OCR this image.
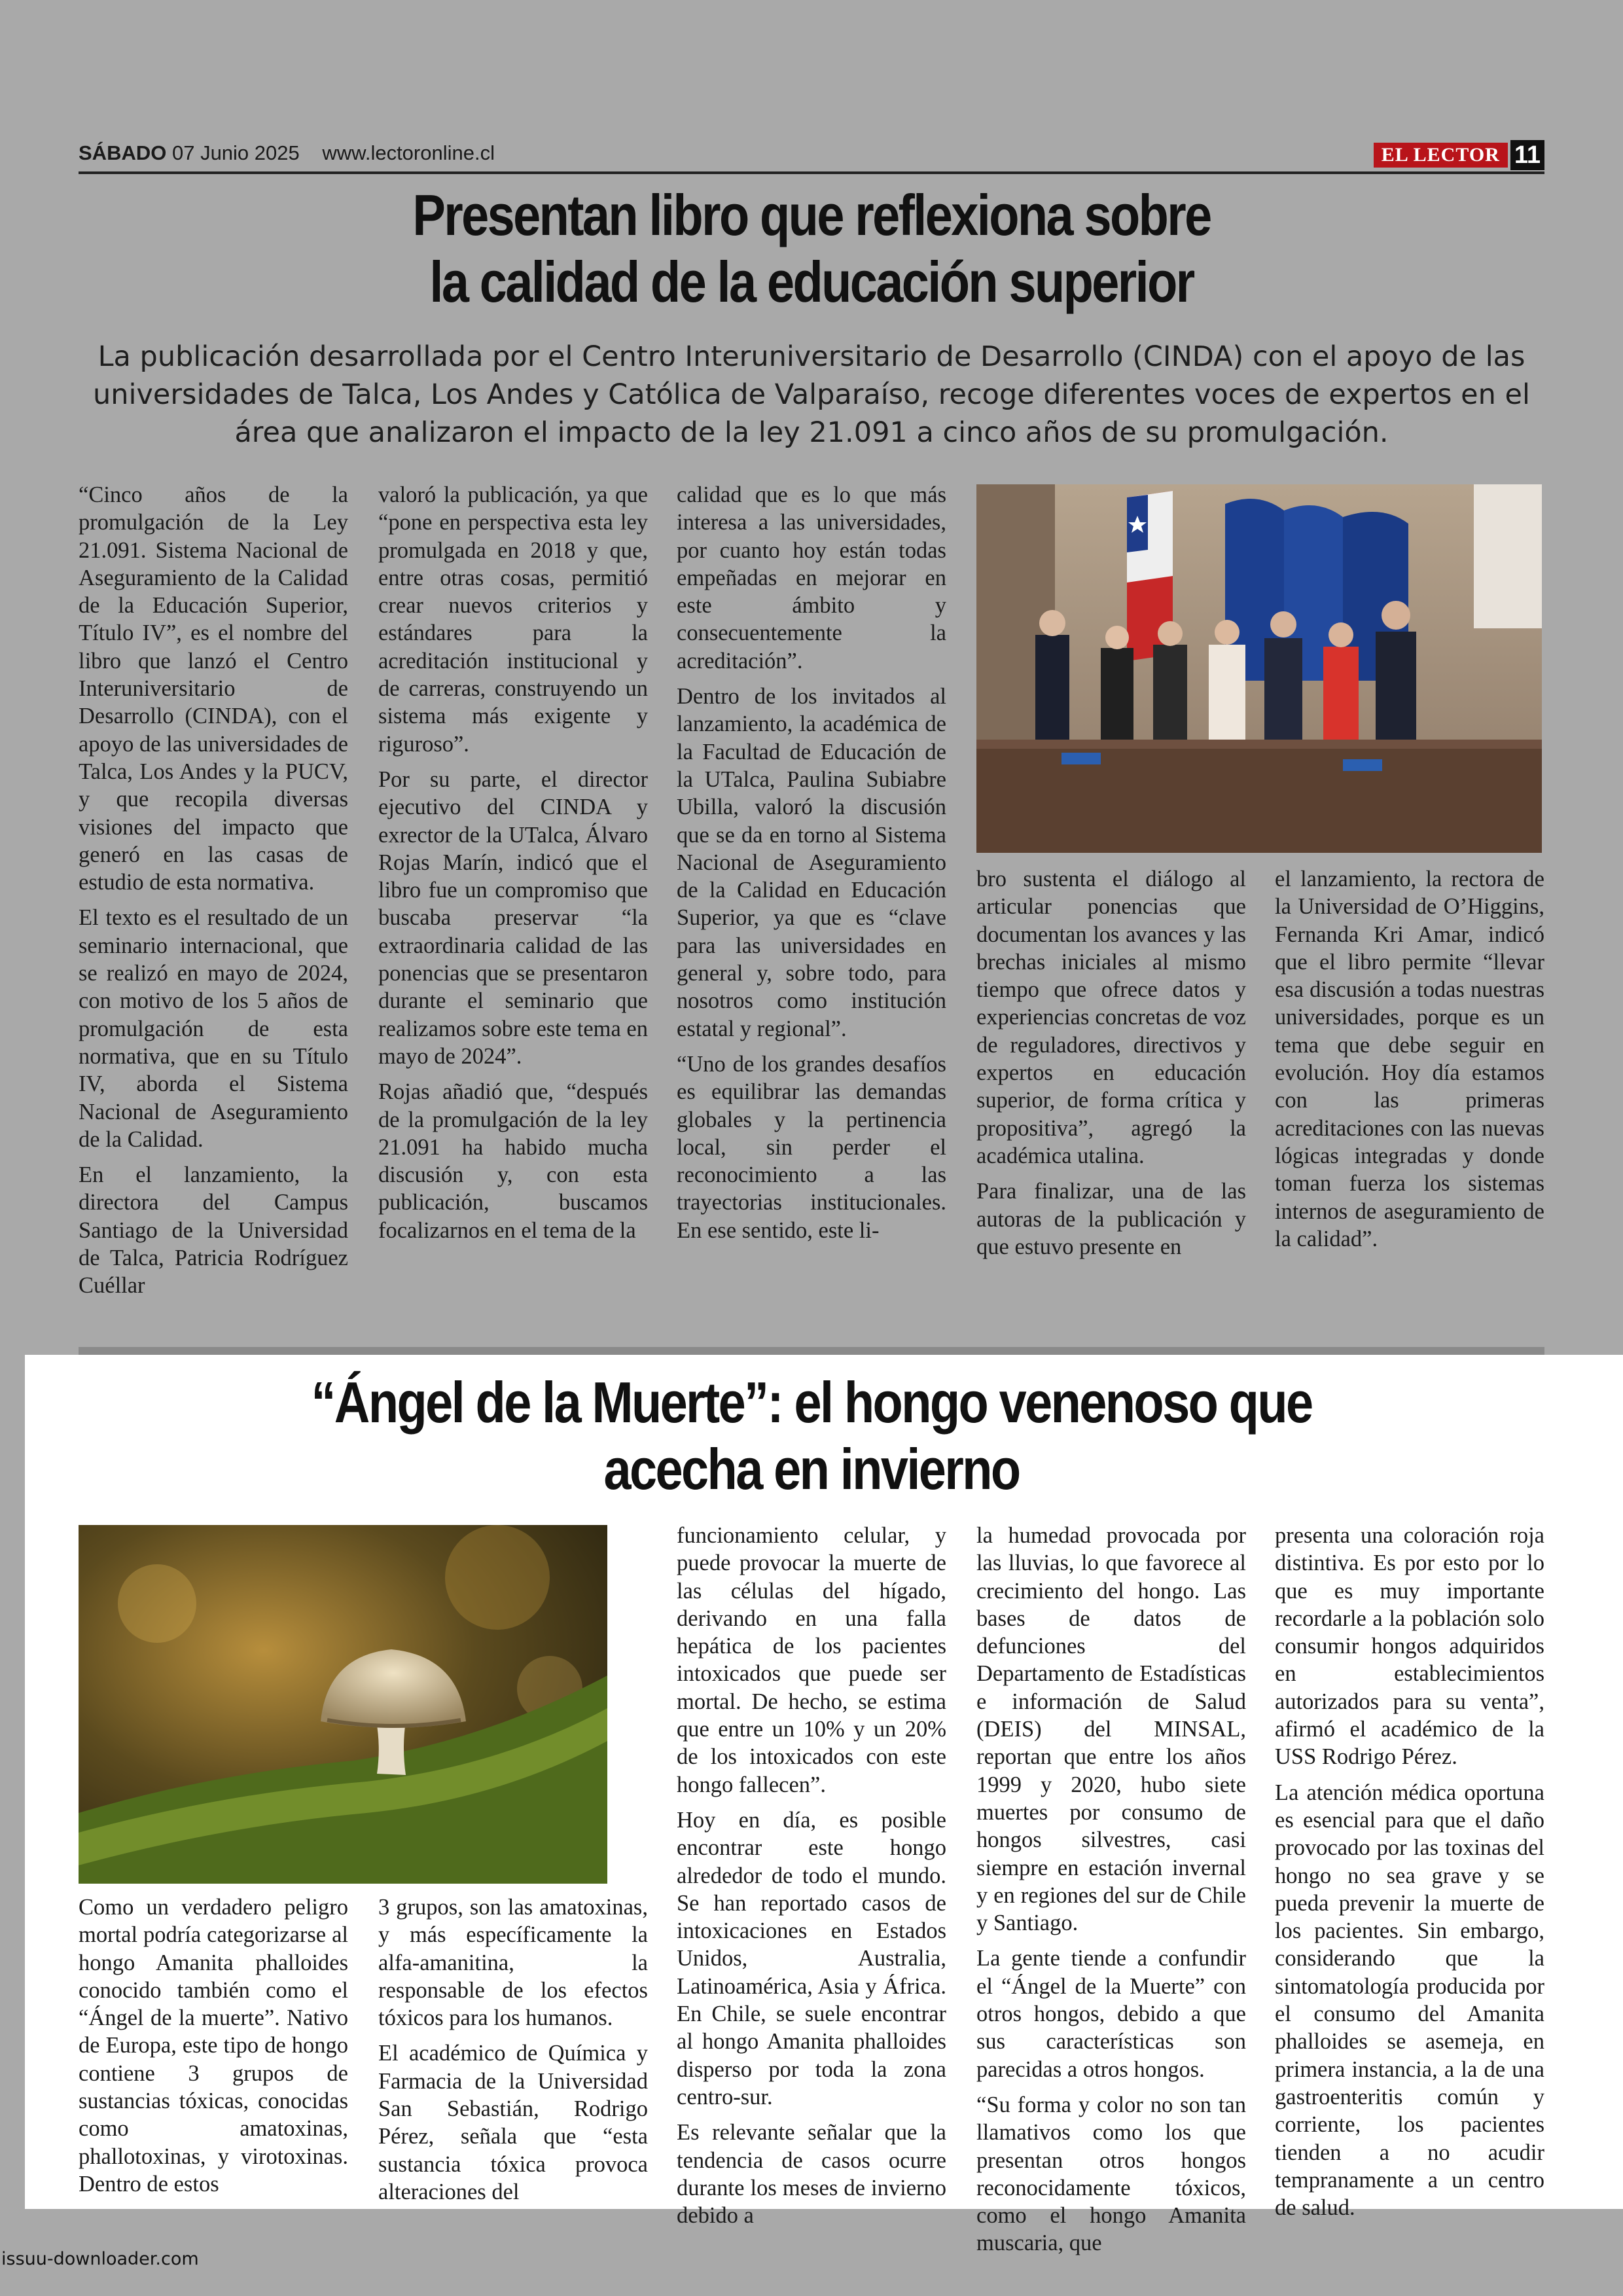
SÁBADO 07 Junio 2025 www.lectoronline.cl	EL LECTOR 11
Presentan libro que reflexiona sobre
la calidad de la educación superior
La publicación desarrollada por el Centro Interuniversitario de Desarrollo (CINDA) con el apoyo de las
universidades de Talca, Los Andes y Católica de Valparaíso, recoge diferentes voces de expertos en el
área que analizaron el impacto de la ley 21.091 a cinco años de su promulgación.

“Cinco años de la promulgación de la Ley 21.091. Sistema Nacional de Aseguramiento de la Calidad de la Educación Superior, Título IV”, es el nombre del libro que lanzó el Centro Interuniversitario de Desarrollo (CINDA), con el apoyo de las universidades de Talca, Los Andes y la PUCV, y que recopila diversas visiones del impacto que generó en las casas de estudio de esta normativa.

El texto es el resultado de un seminario internacional, que se realizó en mayo de 2024, con motivo de los 5 años de promulgación de esta normativa, que en su Título IV, aborda el Sistema Nacional de Aseguramiento de la Calidad.

En el lanzamiento, la directora del Campus Santiago de la Universidad de Talca, Patricia Rodríguez Cuéllar

valoró la publicación, ya que “pone en perspectiva esta ley promulgada en 2018 y que, entre otras cosas, permitió crear nuevos criterios y estándares para la acreditación institucional y de carreras, construyendo un sistema más exigente y riguroso”.

Por su parte, el director ejecutivo del CINDA y exrector de la UTalca, Álvaro Rojas Marín, indicó que el libro fue un compromiso que buscaba preservar “la extraordinaria calidad de las ponencias que se presentaron durante el seminario que realizamos sobre este tema en mayo de 2024”.

Rojas añadió que, “después de la promulgación de la ley 21.091 ha habido mucha discusión y, con esta publicación, buscamos focalizarnos en el tema de la

calidad que es lo que más interesa a las universidades, por cuanto hoy están todas empeñadas en mejorar en este ámbito y consecuentemente la acreditación”.

Dentro de los invitados al lanzamiento, la académica de la Facultad de Educación de la UTalca, Paulina Subiabre Ubilla, valoró la discusión que se da en torno al Sistema Nacional de Aseguramiento de la Calidad en Educación Superior, ya que es “clave para las universidades en general y, sobre todo, para nosotros como institución estatal y regional”.

“Uno de los grandes desafíos es equilibrar las demandas globales y la pertinencia local, sin perder el reconocimiento a las trayectorias institucionales. En ese sentido, este li-

bro sustenta el diálogo al articular ponencias que documentan los avances y las brechas iniciales al mismo tiempo que ofrece datos y experiencias concretas de voz de reguladores, directivos y expertos en educación superior, de forma crítica y propositiva”, agregó la académica utalina.

Para finalizar, una de las autoras de la publicación y que estuvo presente en

el lanzamiento, la rectora de la Universidad de O’Higgins, Fernanda Kri Amar, indicó que el libro permite “llevar esa discusión a todas nuestras universidades, porque es un tema que debe seguir en evolución. Hoy día estamos con las primeras acreditaciones con las nuevas lógicas integradas y donde toman fuerza los sistemas internos de aseguramiento de la calidad”.

“Ángel de la Muerte”: el hongo venenoso que
acecha en invierno

Como un verdadero peligro mortal podría categorizarse al hongo Amanita phalloides conocido también como el “Ángel de la muerte”. Nativo de Europa, este tipo de hongo contiene 3 grupos de sustancias tóxicas, conocidas como amatoxinas, phallotoxinas, y virotoxinas. Dentro de estos

3 grupos, son las amatoxinas, y más específicamente la alfa-amanitina, la responsable de los efectos tóxicos para los humanos.

El académico de Química y Farmacia de la Universidad San Sebastián, Rodrigo Pérez, señala que “esta sustancia tóxica provoca alteraciones del

funcionamiento celular, y puede provocar la muerte de las células del hígado, derivando en una falla hepática de los pacientes intoxicados que puede ser mortal. De hecho, se estima que entre un 10% y un 20% de los intoxicados con este hongo fallecen”.

Hoy en día, es posible encontrar este hongo alrededor de todo el mundo. Se han reportado casos de intoxicaciones en Estados Unidos, Australia, Latinoamérica, Asia y África. En Chile, se suele encontrar al hongo Amanita phalloides disperso por toda la zona centro-sur.

Es relevante señalar que la tendencia de casos ocurre durante los meses de invierno debido a

la humedad provocada por las lluvias, lo que favorece al crecimiento del hongo. Las bases de datos de defunciones del Departamento de Estadísticas e información de Salud (DEIS) del MINSAL, reportan que entre los años 1999 y 2020, hubo siete muertes por consumo de hongos silvestres, casi siempre en estación invernal y en regiones del sur de Chile y Santiago.

La gente tiende a confundir el “Ángel de la Muerte” con otros hongos, debido a que sus características son parecidas a otros hongos.

“Su forma y color no son tan llamativos como los que presentan otros hongos reconocidamente tóxicos, como el hongo Amanita muscaria, que

presenta una coloración roja distintiva. Es por esto por lo que es muy importante recordarle a la población solo consumir hongos adquiridos en establecimientos autorizados para su venta”, afirmó el académico de la USS Rodrigo Pérez.

La atención médica oportuna es esencial para que el daño provocado por las toxinas del hongo no sea grave y se pueda prevenir la muerte de los pacientes. Sin embargo, considerando que la sintomatología producida por el consumo del Amanita phalloides se asemeja, en primera instancia, a la de una gastroenteritis común y corriente, los pacientes tienden a no acudir tempranamente a un centro de salud.

issuu-downloader.com
